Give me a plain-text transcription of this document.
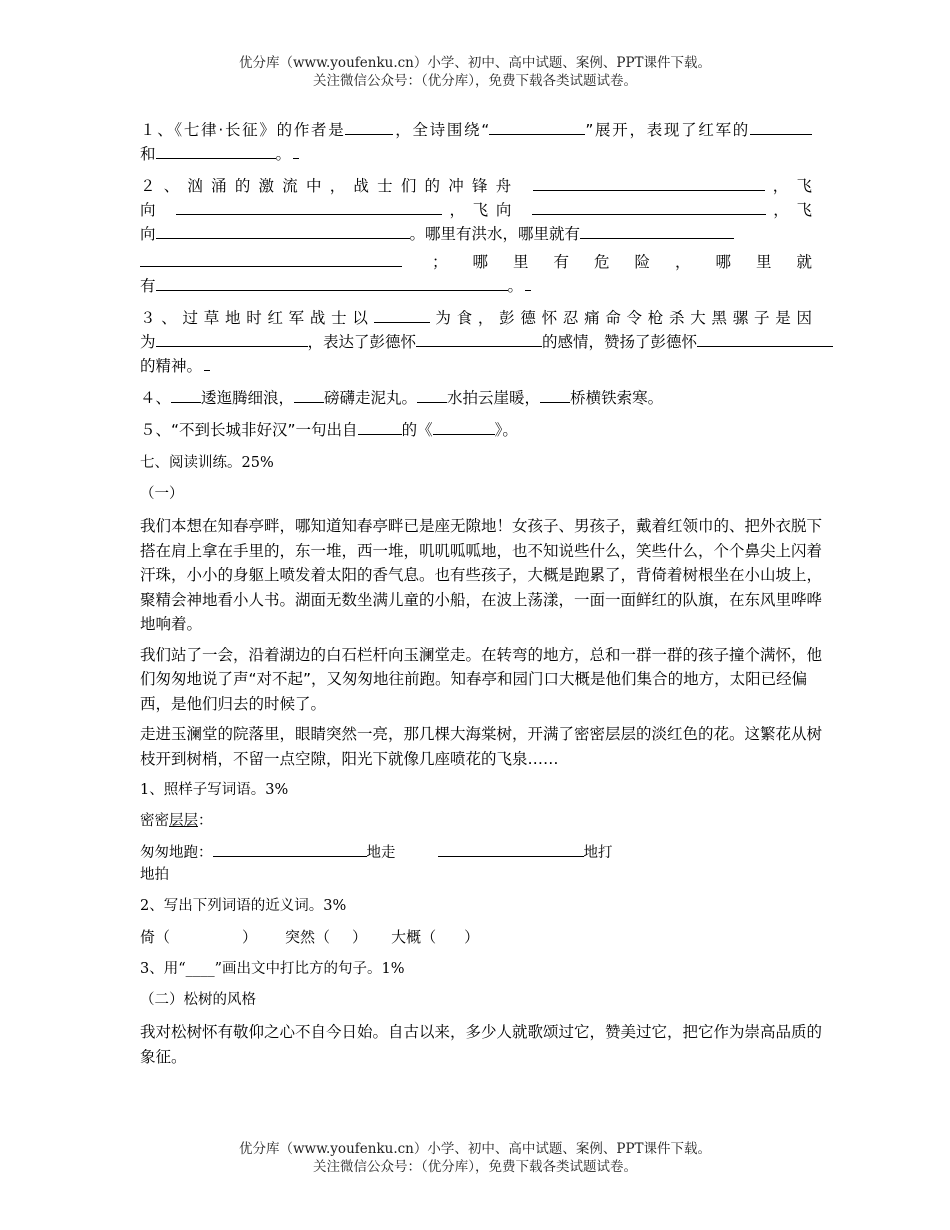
优分库（www.youfenku.cn）小学、初中、高中试题、案例、PPT课件下载。
关注微信公众号：（优分库），免费下载各类试题试卷。
１、《七律·长征》的作者是	，全诗围绕“	”展开，表现了红军的
和	。
２、汹涌的激流中，战士们的冲锋舟	，飞
向	，飞向	，飞
向	。哪里有洪水，哪里就有
；哪里有危险，哪里就
有	。
３、过草地时红军战士以	为食，彭德怀忍痛命令枪杀大黑骡子是因
为	，表达了彭德怀	的感情，赞扬了彭德怀
的精神。
４、 逶迤腾细浪， 磅礴走泥丸。 水拍云崖暖， 桥横铁索寒。
５、“不到长城非好汉”一句出自	的《	》。
七、阅读训练。25%
（一）
我们本想在知春亭畔，哪知道知春亭畔已是座无隙地！女孩子、男孩子，戴着红领巾的、把外衣脱下搭在肩上拿在手里的，东一堆，西一堆，叽叽呱呱地，也不知说些什么，笑些什么，个个鼻尖上闪着汗珠，小小的身躯上喷发着太阳的香气息。也有些孩子，大概是跑累了，背倚着树根坐在小山坡上，聚精会神地看小人书。湖面无数坐满儿童的小船，在波上荡漾，一面一面鲜红的队旗，在东风里哗哗地响着。
我们站了一会，沿着湖边的白石栏杆向玉澜堂走。在转弯的地方，总和一群一群的孩子撞个满怀，他们匆匆地说了声“对不起”，又匆匆地往前跑。知春亭和园门口大概是他们集合的地方，太阳已经偏西，是他们归去的时候了。
走进玉澜堂的院落里，眼睛突然一亮，那几棵大海棠树，开满了密密层层的淡红色的花。这繁花从树枝开到树梢，不留一点空隙，阳光下就像几座喷花的飞泉……
1、照样子写词语。3%
密密层层：
匆匆地跑：	地走	地打
地拍
2、写出下列词语的近义词。3%
倚（	） 突然（ ） 大概（ ）
3、用“____”画出文中打比方的句子。1%
（二）松树的风格
我对松树怀有敬仰之心不自今日始。自古以来，多少人就歌颂过它，赞美过它，把它作为崇高品质的象征。
优分库（www.youfenku.cn）小学、初中、高中试题、案例、PPT课件下载。
关注微信公众号：（优分库），免费下载各类试题试卷。
